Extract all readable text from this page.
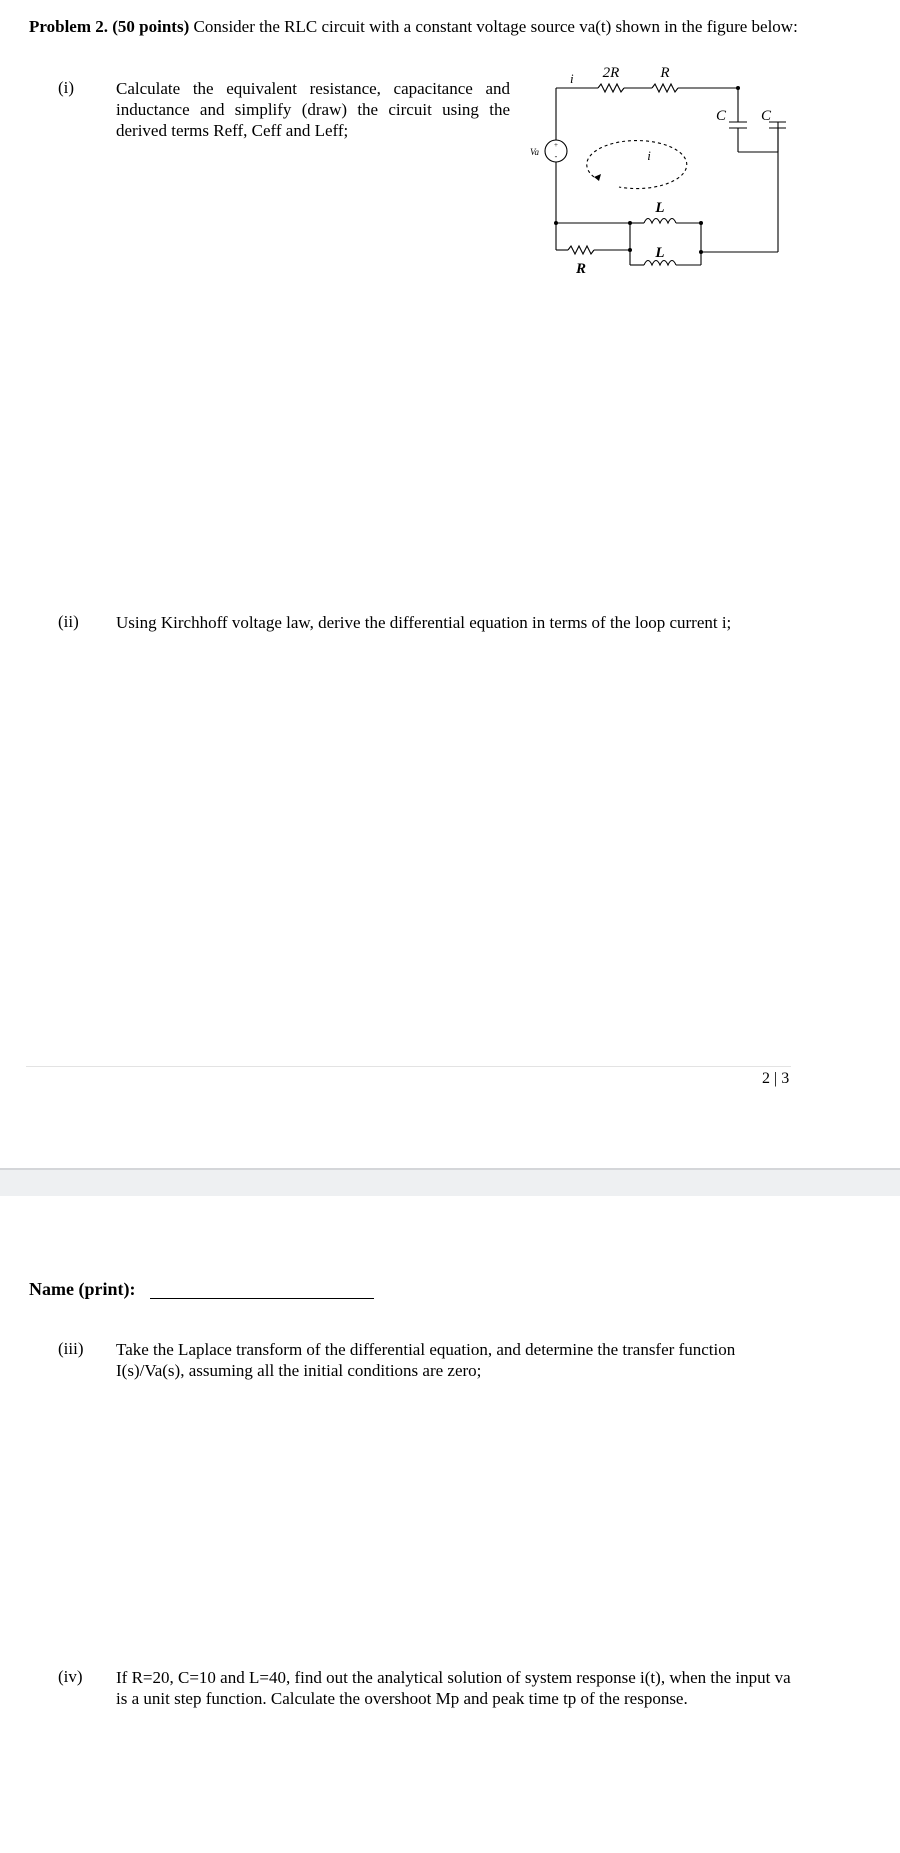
Problem 2. (50 points) Consider the RLC circuit with a constant voltage source va(t) shown in the figure below:
(i) Calculate the equivalent resistance, capacitance and inductance and simplify (draw) the circuit using the derived terms Reff, Ceff and Leff;
+
-
Va
i 2R	R
C C
i
L
L
R
(ii) Using Kirchhoff voltage law, derive the differential equation in terms of the loop current i;
2 | 3
Name (print):
(iii) Take the Laplace transform of the differential equation, and determine the transfer function I(s)/Va(s), assuming all the initial conditions are zero;
(iv) If R=20, C=10 and L=40, find out the analytical solution of system response i(t), when the input va is a unit step function. Calculate the overshoot Mp and peak time tp of the response.
